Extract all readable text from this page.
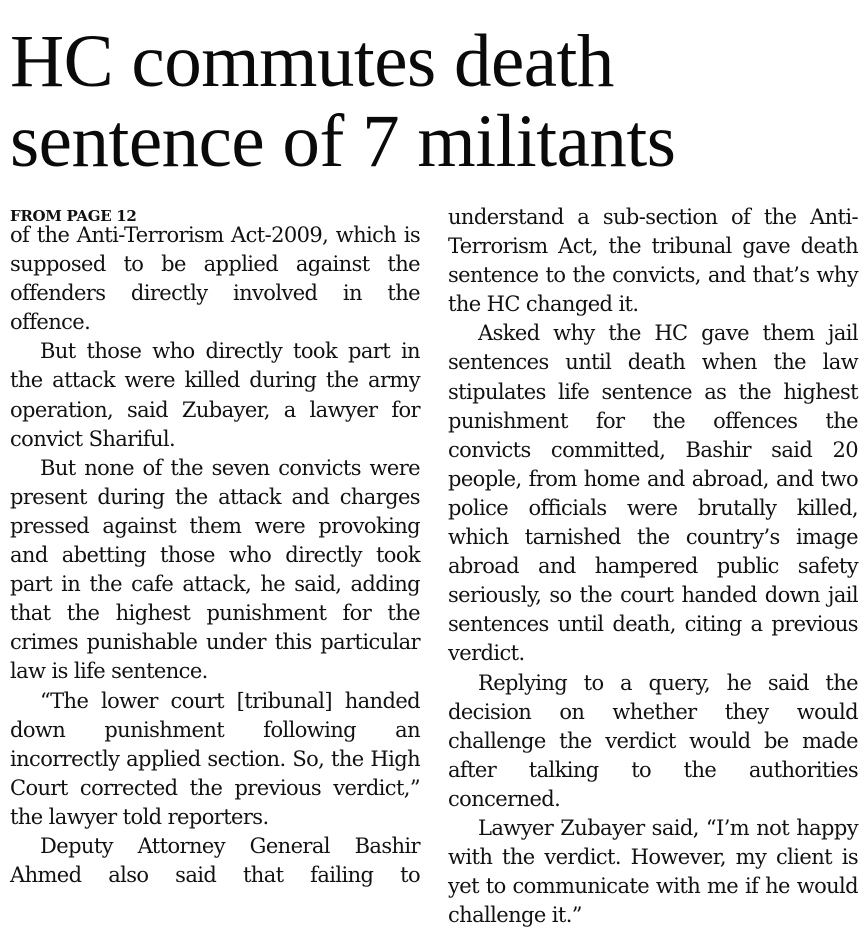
HC commutes death sentence of 7 militants
FROM PAGE 12

of the Anti-Terrorism Act-2009, which is supposed to be applied against the offenders directly involved in the offence.

But those who directly took part in the attack were killed during the army operation, said Zubayer, a lawyer for convict Shariful.

But none of the seven convicts were present during the attack and charges pressed against them were provoking and abetting those who directly took part in the cafe attack, he said, adding that the highest punishment for the crimes punishable under this particular law is life sentence.

“The lower court [tribunal] handed down punishment following an incorrectly applied section. So, the High Court corrected the previous verdict,” the lawyer told reporters.

Deputy Attorney General Bashir Ahmed also said that failing to

understand a sub-section of the Anti-Terrorism Act, the tribunal gave death sentence to the convicts, and that’s why the HC changed it.

Asked why the HC gave them jail sentences until death when the law stipulates life sentence as the highest punishment for the offences the convicts committed, Bashir said 20 people, from home and abroad, and two police officials were brutally killed, which tarnished the country’s image abroad and hampered public safety seriously, so the court handed down jail sentences until death, citing a previous verdict.

Replying to a query, he said the decision on whether they would challenge the verdict would be made after talking to the authorities concerned.

Lawyer Zubayer said, “I’m not happy with the verdict. However, my client is yet to communicate with me if he would challenge it.”
